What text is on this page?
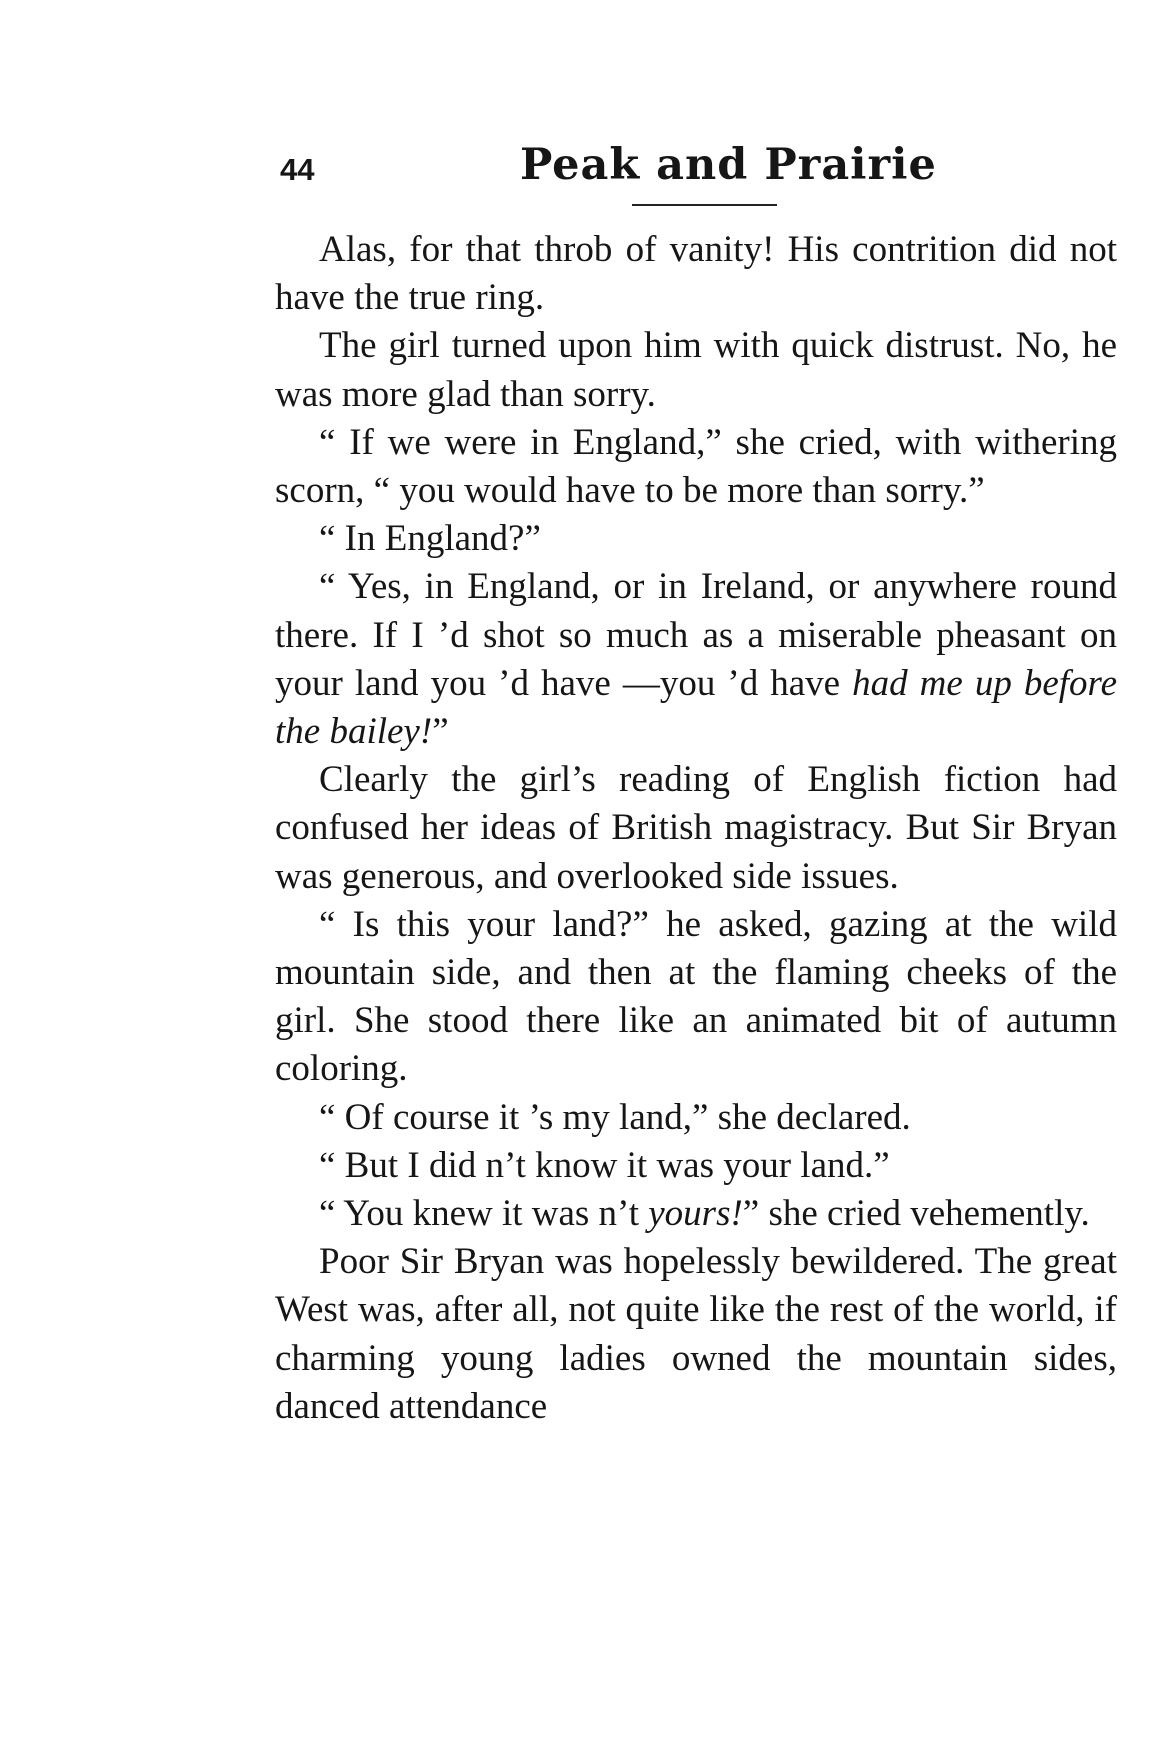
44	Peak and Prairie

Alas, for that throb of vanity! His contrition did not have the true ring.

The girl turned upon him with quick distrust. No, he was more glad than sorry.

“ If we were in England,” she cried, with withering scorn, “ you would have to be more than sorry.”

“ In England?”

“ Yes, in England, or in Ireland, or anywhere round there. If I ’d shot so much as a miserable pheasant on your land you ’d have —you ’d have had me up before the bailey!”

Clearly the girl’s reading of English fiction had confused her ideas of British magistracy. But Sir Bryan was generous, and overlooked side issues.

“ Is this your land?” he asked, gazing at the wild mountain side, and then at the flaming cheeks of the girl. She stood there like an animated bit of autumn coloring.

“ Of course it ’s my land,” she declared.

“ But I did n’t know it was your land.”

“ You knew it was n’t yours!” she cried vehemently.

Poor Sir Bryan was hopelessly bewildered. The great West was, after all, not quite like the rest of the world, if charming young ladies owned the mountain sides, danced attendance
